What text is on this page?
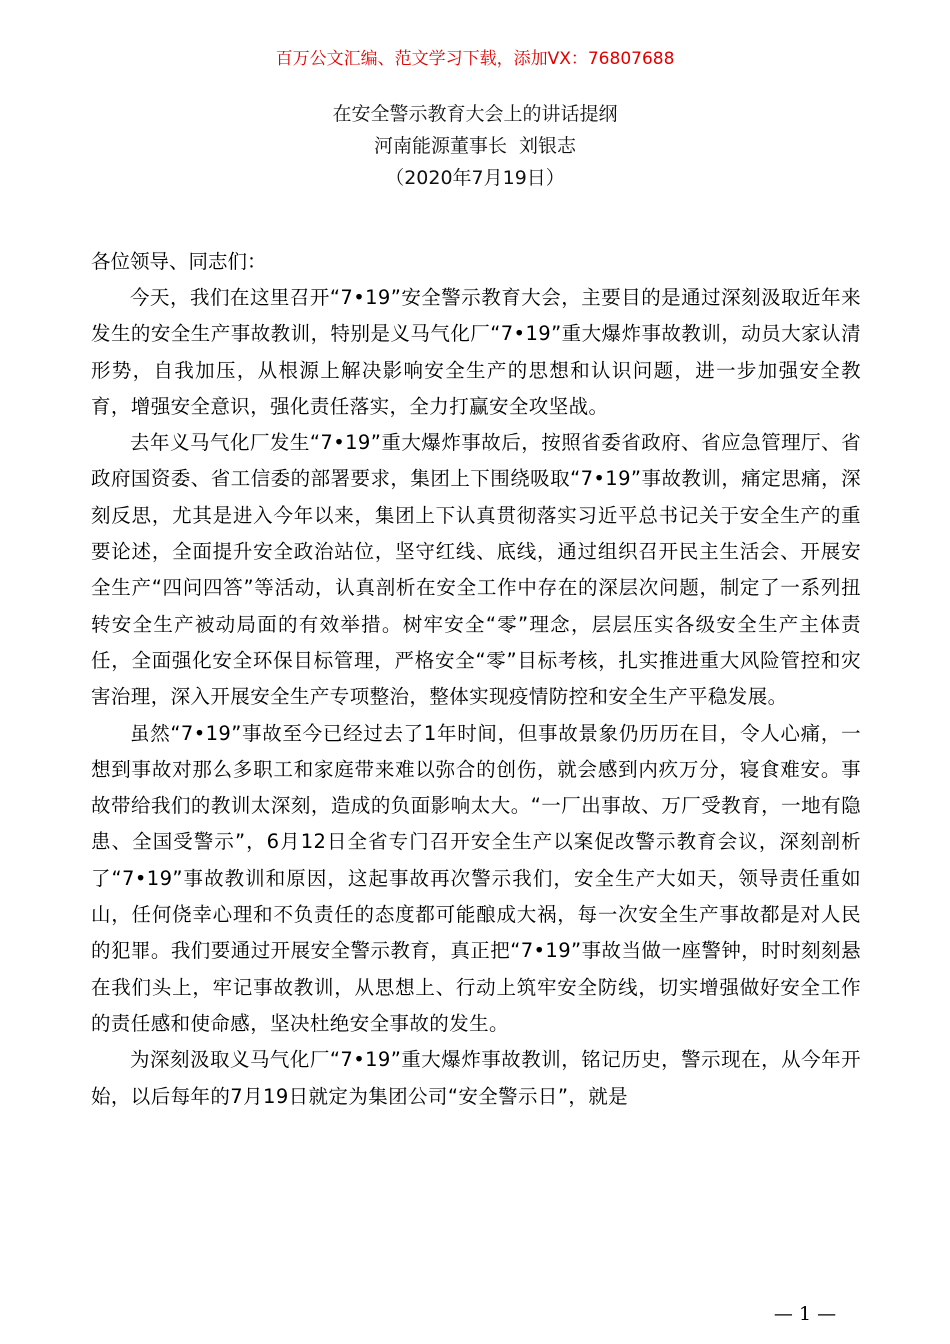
百万公文汇编、范文学习下载，添加VX：76807688
在安全警示教育大会上的讲话提纲
河南能源董事长  刘银志
（2020年7月19日）
各位领导、同志们：

今天，我们在这里召开“7•19”安全警示教育大会，主要目的是通过深刻汲取近年来发生的安全生产事故教训，特别是义马气化厂“7•19”重大爆炸事故教训，动员大家认清形势，自我加压，从根源上解决影响安全生产的思想和认识问题，进一步加强安全教育，增强安全意识，强化责任落实，全力打赢安全攻坚战。

去年义马气化厂发生“7•19”重大爆炸事故后，按照省委省政府、省应急管理厅、省政府国资委、省工信委的部署要求，集团上下围绕吸取“7•19”事故教训，痛定思痛，深刻反思，尤其是进入今年以来，集团上下认真贯彻落实习近平总书记关于安全生产的重要论述，全面提升安全政治站位，坚守红线、底线，通过组织召开民主生活会、开展安全生产“四问四答”等活动，认真剖析在安全工作中存在的深层次问题，制定了一系列扭转安全生产被动局面的有效举措。树牢安全“零”理念，层层压实各级安全生产主体责任，全面强化安全环保目标管理，严格安全“零”目标考核，扎实推进重大风险管控和灾害治理，深入开展安全生产专项整治，整体实现疫情防控和安全生产平稳发展。

虽然“7•19”事故至今已经过去了1年时间，但事故景象仍历历在目，令人心痛，一想到事故对那么多职工和家庭带来难以弥合的创伤，就会感到内疚万分，寝食难安。事故带给我们的教训太深刻，造成的负面影响太大。“一厂出事故、万厂受教育，一地有隐患、全国受警示”，6月12日全省专门召开安全生产以案促改警示教育会议，深刻剖析了“7•19”事故教训和原因，这起事故再次警示我们，安全生产大如天，领导责任重如山，任何侥幸心理和不负责任的态度都可能酿成大祸，每一次安全生产事故都是对人民的犯罪。我们要通过开展安全警示教育，真正把“7•19”事故当做一座警钟，时时刻刻悬在我们头上，牢记事故教训，从思想上、行动上筑牢安全防线，切实增强做好安全工作的责任感和使命感，坚决杜绝安全事故的发生。

为深刻汲取义马气化厂“7•19”重大爆炸事故教训，铭记历史，警示现在，从今年开始，以后每年的7月19日就定为集团公司“安全警示日”，就是

— 1 —
